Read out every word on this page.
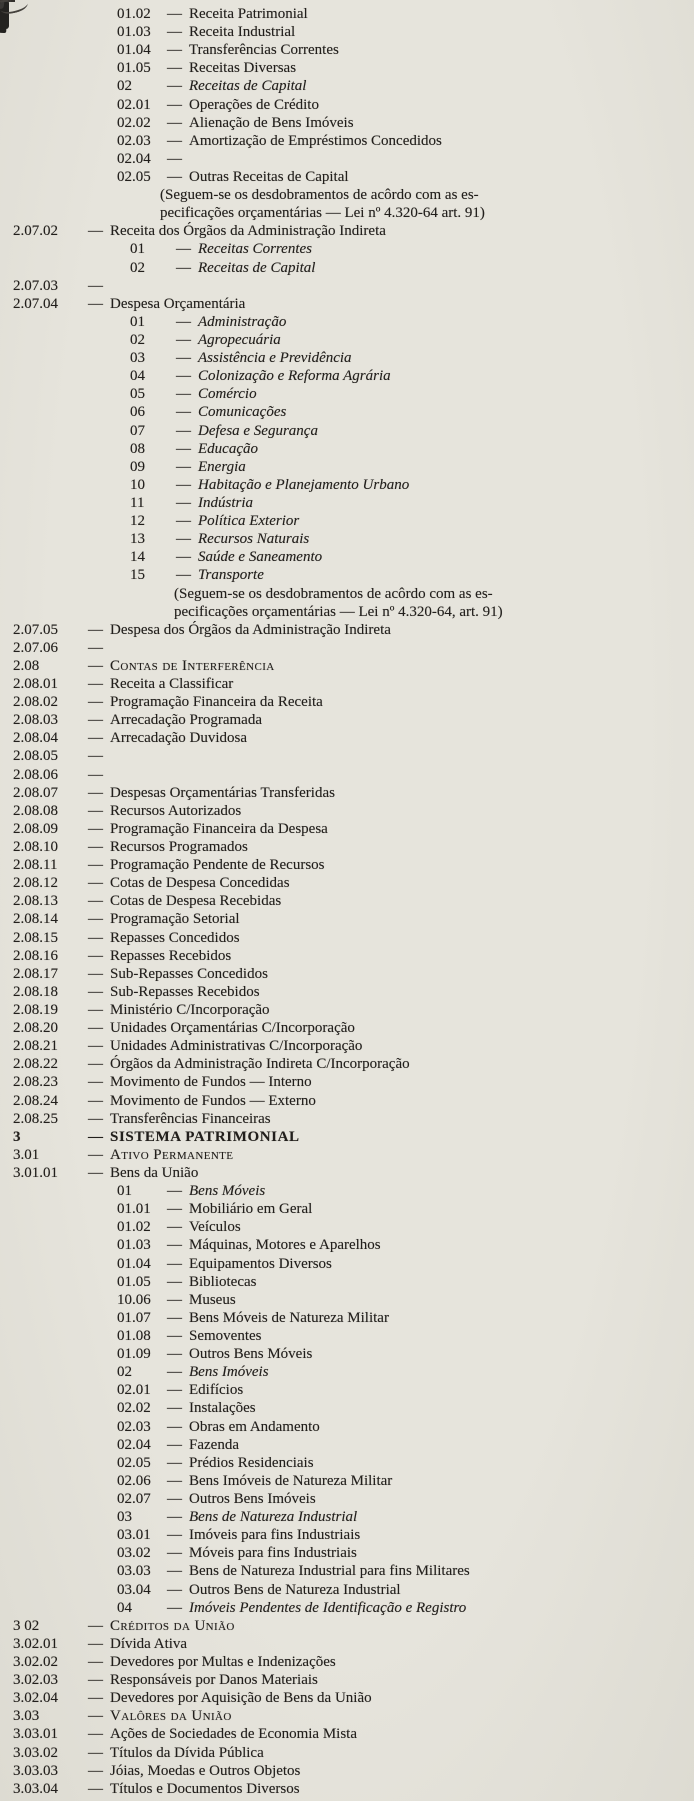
01.02	— Receita Patrimonial
01.03	— Receita Industrial
01.04	— Transferências Correntes
01.05	— Receitas Diversas
02	— Receitas de Capital
02.01	— Operações de Crédito
02.02	— Alienação de Bens Imóveis
02.03	— Amortização de Empréstimos Concedidos
02.04	—
02.05	— Outras Receitas de Capital
(Seguem-se os desdobramentos de acôrdo com as es-
pecificações orçamentárias — Lei nº 4.320-64 art. 91)
2.07.02	— Receita dos Órgãos da Administração Indireta
01	— Receitas Correntes
02	— Receitas de Capital
2.07.03	—
2.07.04	— Despesa Orçamentária
01	— Administração
02	— Agropecuária
03	— Assistência e Previdência
04	— Colonização e Reforma Agrária
05	— Comércio
06	— Comunicações
07	— Defesa e Segurança
08	— Educação
09	— Energia
10	— Habitação e Planejamento Urbano
11	— Indústria
12	— Política Exterior
13	— Recursos Naturais
14	— Saúde e Saneamento
15	— Transporte
(Seguem-se os desdobramentos de acôrdo com as es-
pecificações orçamentárias — Lei nº 4.320-64, art. 91)
2.07.05	— Despesa dos Órgãos da Administração Indireta
2.07.06	—
2.08	— Contas de Interferência
2.08.01	— Receita a Classificar
2.08.02	— Programação Financeira da Receita
2.08.03	— Arrecadação Programada
2.08.04	— Arrecadação Duvidosa
2.08.05	—
2.08.06	—
2.08.07	— Despesas Orçamentárias Transferidas
2.08.08	— Recursos Autorizados
2.08.09	— Programação Financeira da Despesa
2.08.10	— Recursos Programados
2.08.11	— Programação Pendente de Recursos
2.08.12	— Cotas de Despesa Concedidas
2.08.13	— Cotas de Despesa Recebidas
2.08.14	— Programação Setorial
2.08.15	— Repasses Concedidos
2.08.16	— Repasses Recebidos
2.08.17	— Sub-Repasses Concedidos
2.08.18	— Sub-Repasses Recebidos
2.08.19	— Ministério C/Incorporação
2.08.20	— Unidades Orçamentárias C/Incorporação
2.08.21	— Unidades Administrativas C/Incorporação
2.08.22	— Órgãos da Administração Indireta C/Incorporação
2.08.23	— Movimento de Fundos — Interno
2.08.24	— Movimento de Fundos — Externo
2.08.25	— Transferências Financeiras
3	— SISTEMA PATRIMONIAL
3.01	— Ativo Permanente
3.01.01	— Bens da União
01	— Bens Móveis
01.01	— Mobiliário em Geral
01.02	— Veículos
01.03	— Máquinas, Motores e Aparelhos
01.04	— Equipamentos Diversos
01.05	— Bibliotecas
10.06	— Museus
01.07	— Bens Móveis de Natureza Militar
01.08	— Semoventes
01.09	— Outros Bens Móveis
02	— Bens Imóveis
02.01	— Edifícios
02.02	— Instalações
02.03	— Obras em Andamento
02.04	— Fazenda
02.05	— Prédios Residenciais
02.06	— Bens Imóveis de Natureza Militar
02.07	— Outros Bens Imóveis
03	— Bens de Natureza Industrial
03.01	— Imóveis para fins Industriais
03.02	— Móveis para fins Industriais
03.03	— Bens de Natureza Industrial para fins Militares
03.04	— Outros Bens de Natureza Industrial
04	— Imóveis Pendentes de Identificação e Registro
3 02	— Créditos da União
3.02.01	— Dívida Ativa
3.02.02	— Devedores por Multas e Indenizações
3.02.03	— Responsáveis por Danos Materiais
3.02.04	— Devedores por Aquisição de Bens da União
3.03	— Valôres da União
3.03.01	— Ações de Sociedades de Economia Mista
3.03.02	— Títulos da Dívida Pública
3.03.03	— Jóias, Moedas e Outros Objetos
3.03.04	— Títulos e Documentos Diversos
